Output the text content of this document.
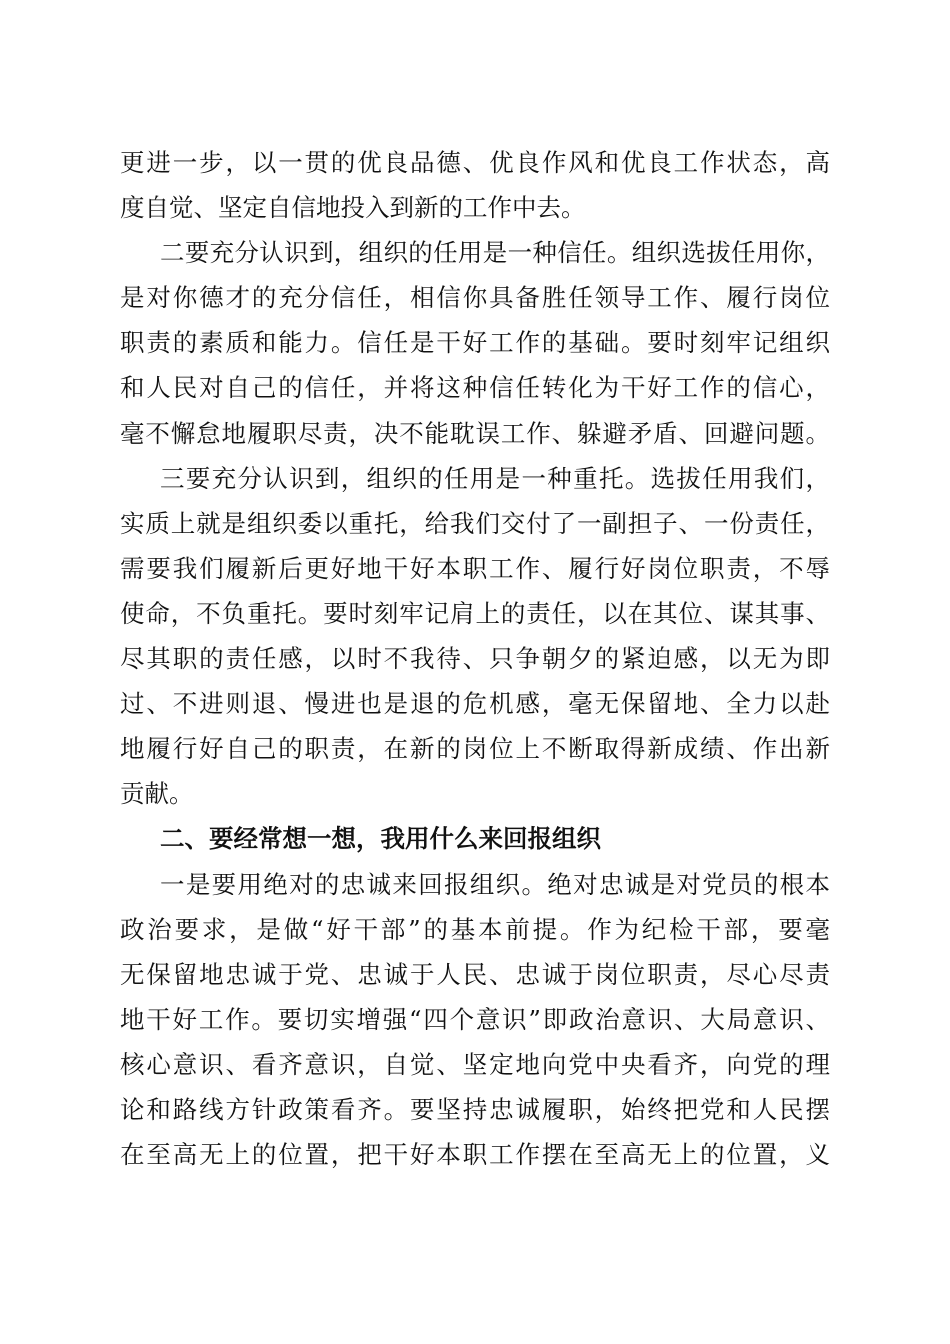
更进一步，以一贯的优良品德、优良作风和优良工作状态，高
度自觉、坚定自信地投入到新的工作中去。
二要充分认识到，组织的任用是一种信任。组织选拔任用你，
是对你德才的充分信任，相信你具备胜任领导工作、履行岗位
职责的素质和能力。信任是干好工作的基础。要时刻牢记组织
和人民对自己的信任，并将这种信任转化为干好工作的信心，
毫不懈怠地履职尽责，决不能耽误工作、躲避矛盾、回避问题。
三要充分认识到，组织的任用是一种重托。选拔任用我们，
实质上就是组织委以重托，给我们交付了一副担子、一份责任，
需要我们履新后更好地干好本职工作、履行好岗位职责，不辱
使命，不负重托。要时刻牢记肩上的责任，以在其位、谋其事、
尽其职的责任感，以时不我待、只争朝夕的紧迫感，以无为即
过、不进则退、慢进也是退的危机感，毫无保留地、全力以赴
地履行好自己的职责，在新的岗位上不断取得新成绩、作出新
贡献。
二、要经常想一想，我用什么来回报组织
一是要用绝对的忠诚来回报组织。绝对忠诚是对党员的根本
政治要求，是做“好干部”的基本前提。作为纪检干部，要毫
无保留地忠诚于党、忠诚于人民、忠诚于岗位职责，尽心尽责
地干好工作。要切实增强“四个意识”即政治意识、大局意识、
核心意识、看齐意识，自觉、坚定地向党中央看齐，向党的理
论和路线方针政策看齐。要坚持忠诚履职，始终把党和人民摆
在至高无上的位置，把干好本职工作摆在至高无上的位置，义
